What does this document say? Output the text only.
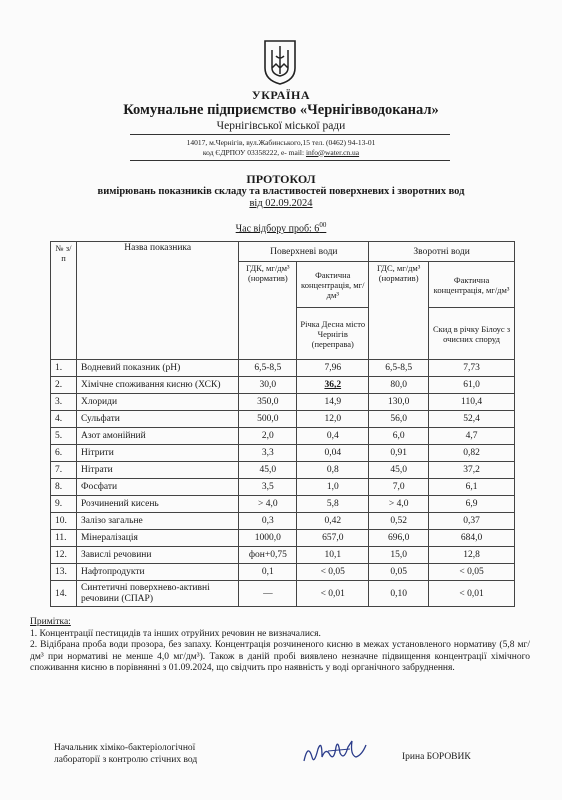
УКРАЇНА
Комунальне підприємство «Чернігівводоканал»
Чернігівської міської ради
14017, м.Чернігів, вул.Жабинського,15 тел. (0462) 94-13-01
код ЄДРПОУ 03358222, e- mail: info@water.cn.ua
ПРОТОКОЛ
вимірювань показників складу та властивостей поверхневих і зворотних вод
від 02.09.2024
Час відбору проб: $6^{00}$
№ з/п	Назва показника	Поверхневі води		Зворотні води	
		ГДК, мг/дм³ (норматив)	Фактична концентрація, мг/дм³	ГДС, мг/дм³ (норматив)	Фактична концентрація, мг/дм³
			Річка Десна місто Чернігів (переправа)		Скид в річку Білоус з очисних споруд
1.	Водневий показник (pH)	6,5-8,5	7,96	6,5-8,5	7,73
2.	Хімічне споживання кисню (ХСК)	30,0	36,2	80,0	61,0
3.	Хлориди	350,0	14,9	130,0	110,4
4.	Сульфати	500,0	12,0	56,0	52,4
5.	Азот амонійний	2,0	0,4	6,0	4,7
6.	Нітрити	3,3	0,04	0,91	0,82
7.	Нітрати	45,0	0,8	45,0	37,2
8.	Фосфати	3,5	1,0	7,0	6,1
9.	Розчинений кисень	> 4,0	5,8	> 4,0	6,9
10.	Залізо загальне	0,3	0,42	0,52	0,37
11.	Мінералізація	1000,0	657,0	696,0	684,0
12.	Завислі речовини	фон+0,75	10,1	15,0	12,8
13.	Нафтопродукти	0,1	< 0,05	0,05	< 0,05
14.	Синтетичні поверхнево-активні речовини (СПАР)	—	< 0,01	0,10	< 0,01

Примітка:

1. Концентрації пестицидів та інших отруйних речовин не визначалися.

2. Відібрана проба води прозора, без запаху. Концентрація розчиненого кисню в межах установленого нормативу (5,8 мг/дм³ при нормативі не менше 4,0 мг/дм³). Також в даній пробі виявлено незначне підвищення концентрації хімічного споживання кисню в порівнянні з 01.09.2024, що свідчить про наявність у воді органічного забруднення.

Начальник хіміко-бактеріологічної
лабораторії з контролю стічних вод	Ірина БОРОВИК
